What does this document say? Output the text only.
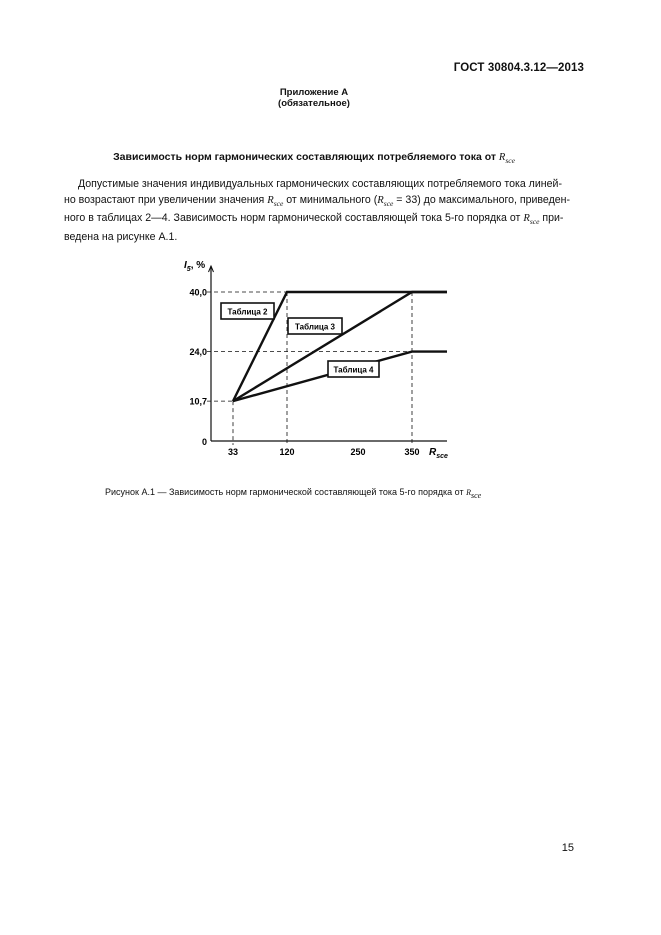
ГОСТ 30804.3.12—2013
Приложение А
(обязательное)
Зависимость норм гармонических составляющих потребляемого тока от $R_{sce}$
Допустимые значения индивидуальных гармонических составляющих потребляемого тока линей-
но возрастают при увеличении значения $R_{sce}$ от минимального $(R_{sce} = 33)$ до максимального, приведен-
ного в таблицах 2—4. Зависимость норм гармонической составляющей тока 5-го порядка от $R_{sce}$ при-
ведена на рисунке А.1.
10,7
24,0
40,0
33	120	250	350
0
Таблица 2
Таблица 3
Таблица 4
$I_5$, %
$R_{sce}$
Рисунок А.1 — Зависимость норм гармонической составляющей тока 5-го порядка от $R_{sce}$
15
